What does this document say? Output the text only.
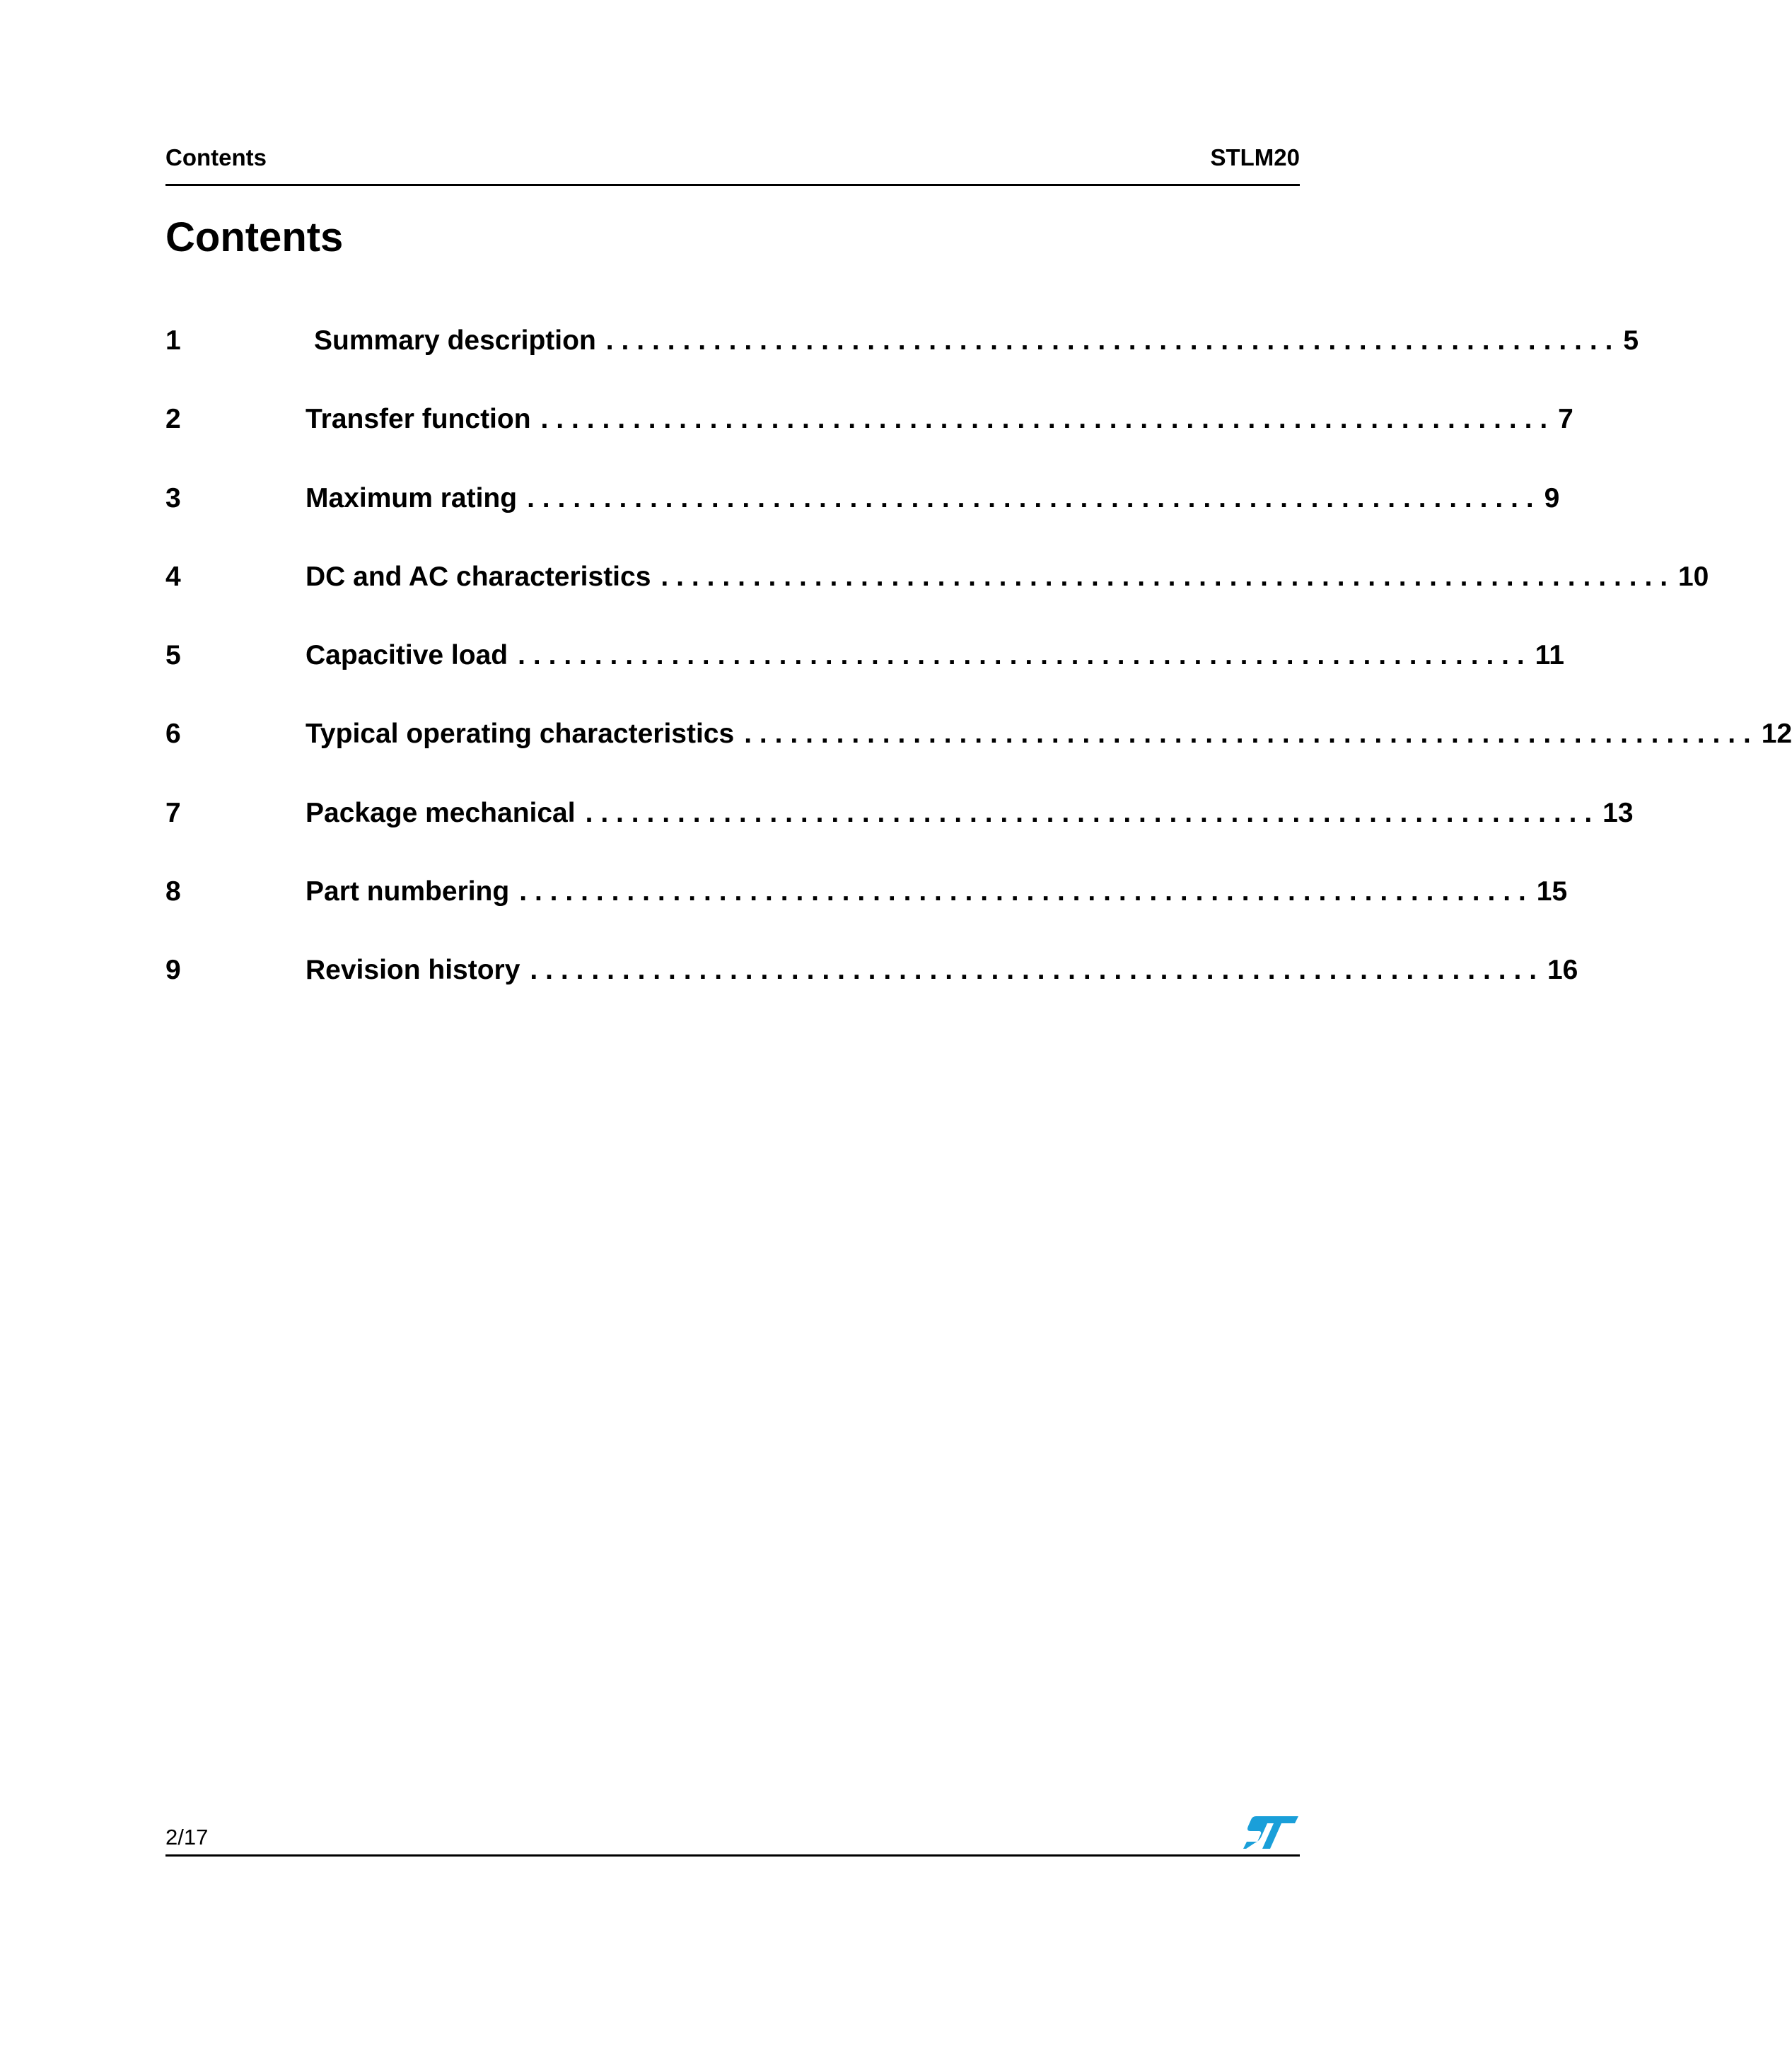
Contents	STLM20
Contents
1	Summary description .................................................................. 5
2	Transfer function .................................................................. 7
3	Maximum rating .................................................................. 9
4	DC and AC characteristics .................................................................. 10
5	Capacitive load .................................................................. 11
6	Typical operating characteristics .................................................................. 12
7	Package mechanical .................................................................. 13
8	Part numbering .................................................................. 15
9	Revision history .................................................................. 16
2/17
